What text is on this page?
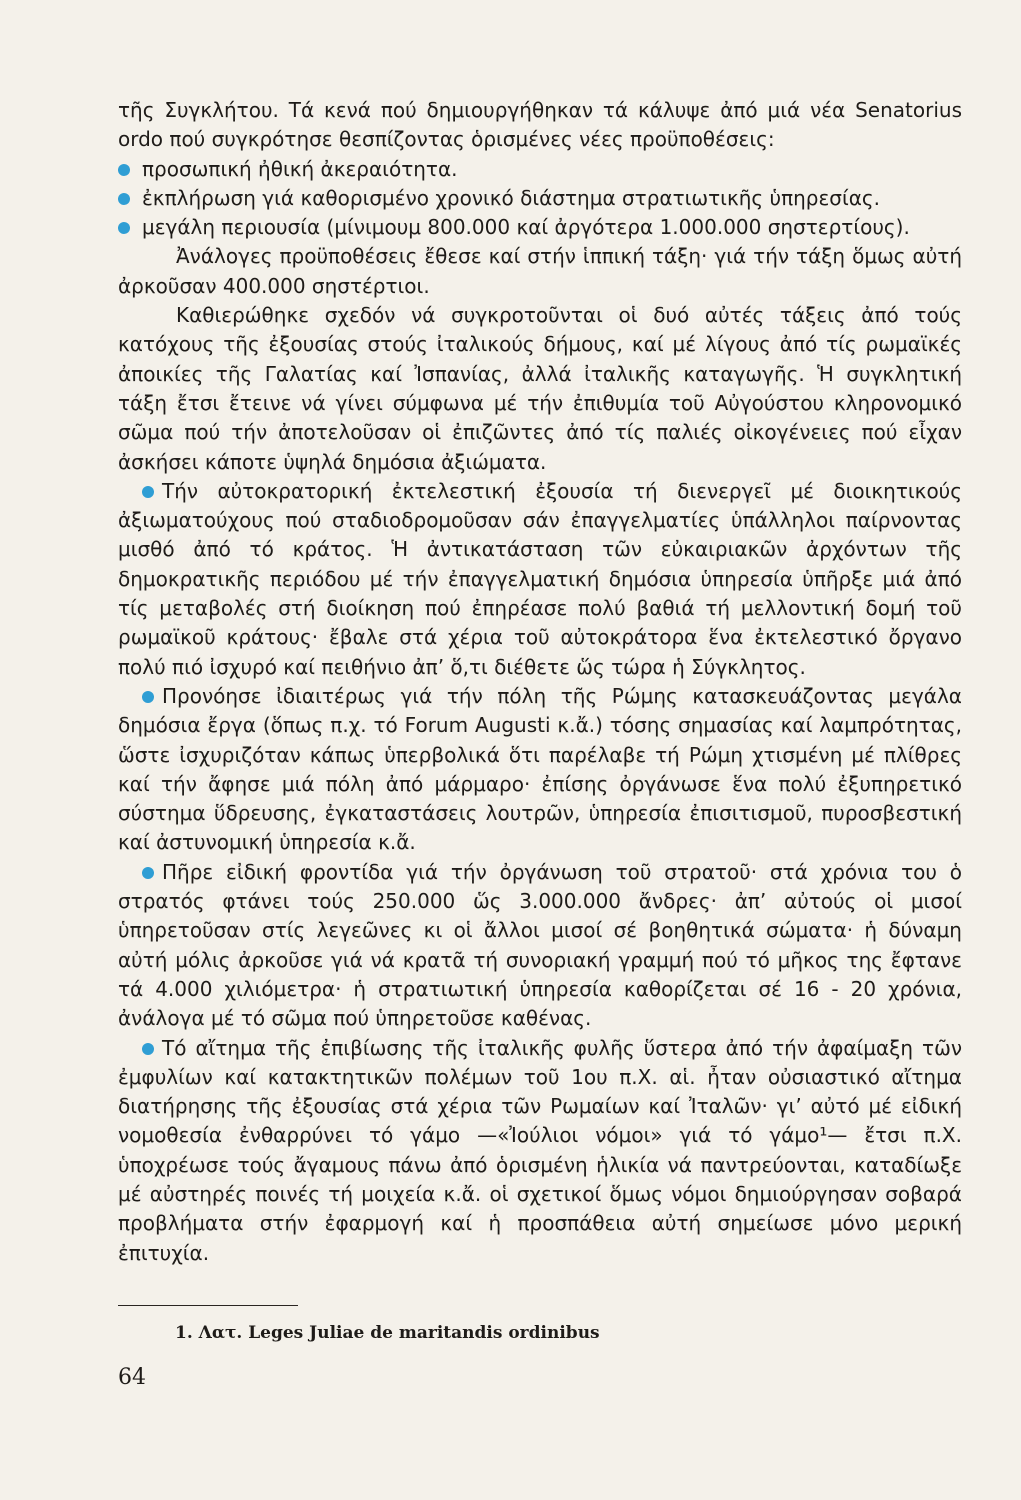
τῆς Συγκλήτου. Τά κενά πού δημιουργήθηκαν τά κάλυψε ἀπό μιά νέα Senatorius ordo πού συγκρότησε θεσπίζοντας ὁρισμένες νέες προϋποθέσεις:

προσωπική ἠθική ἀκεραιότητα.
ἐκπλήρωση γιά καθορισμένο χρονικό διάστημα στρατιωτικῆς ὑπηρεσίας.
μεγάλη περιουσία (μίνιμουμ 800.000 καί ἀργότερα 1.000.000 σηστερτίους).

Ἀνάλογες προϋποθέσεις ἔθεσε καί στήν ἱππική τάξη· γιά τήν τάξη ὅμως αὐτή ἀρκοῦσαν 400.000 σηστέρτιοι.

Καθιερώθηκε σχεδόν νά συγκροτοῦνται οἱ δυό αὐτές τάξεις ἀπό τούς κατόχους τῆς ἐξουσίας στούς ἰταλικούς δήμους, καί μέ λίγους ἀπό τίς ρωμαϊκές ἀποικίες τῆς Γαλατίας καί Ἰσπανίας, ἀλλά ἰταλικῆς καταγωγῆς. Ἡ συγκλητική τάξη ἔτσι ἔτεινε νά γίνει σύμφωνα μέ τήν ἐπιθυμία τοῦ Αὐγούστου κληρονομικό σῶμα πού τήν ἀποτελοῦσαν οἱ ἐπιζῶντες ἀπό τίς παλιές οἰκογένειες πού εἶχαν ἀσκήσει κάποτε ὑψηλά δημόσια ἀξιώματα.

Τήν αὐτοκρατορική ἐκτελεστική ἐξουσία τή διενεργεῖ μέ διοικητικούς ἀξιωματούχους πού σταδιοδρομοῦσαν σάν ἐπαγγελματίες ὑπάλληλοι παίρνοντας μισθό ἀπό τό κράτος. Ἡ ἀντικατάσταση τῶν εὐκαιριακῶν ἀρχόντων τῆς δημοκρατικῆς περιόδου μέ τήν ἐπαγγελματική δημόσια ὑπηρεσία ὑπῆρξε μιά ἀπό τίς μεταβολές στή διοίκηση πού ἐπηρέασε πολύ βαθιά τή μελλοντική δομή τοῦ ρωμαϊκοῦ κράτους· ἔβαλε στά χέρια τοῦ αὐτοκράτορα ἕνα ἐκτελεστικό ὄργανο πολύ πιό ἰσχυρό καί πειθήνιο ἀπ’ ὅ,τι διέθετε ὥς τώρα ἡ Σύγκλητος.

Προνόησε ἰδιαιτέρως γιά τήν πόλη τῆς Ρώμης κατασκευάζοντας μεγάλα δημόσια ἔργα (ὅπως π.χ. τό Forum Augusti κ.ἄ.) τόσης σημασίας καί λαμπρότητας, ὥστε ἰσχυριζόταν κάπως ὑπερβολικά ὅτι παρέλαβε τή Ρώμη χτισμένη μέ πλίθρες καί τήν ἄφησε μιά πόλη ἀπό μάρμαρο· ἐπίσης ὀργάνωσε ἕνα πολύ ἐξυπηρετικό σύστημα ὕδρευσης, ἐγκαταστάσεις λουτρῶν, ὑπηρεσία ἐπισιτισμοῦ, πυροσβεστική καί ἀστυνομική ὑπηρεσία κ.ἄ.

Πῆρε εἰδική φροντίδα γιά τήν ὀργάνωση τοῦ στρατοῦ· στά χρόνια του ὁ στρατός φτάνει τούς 250.000 ὥς 3.000.000 ἄνδρες· ἀπ’ αὐτούς οἱ μισοί ὑπηρετοῦσαν στίς λεγεῶνες κι οἱ ἄλλοι μισοί σέ βοηθητικά σώματα· ἡ δύναμη αὐτή μόλις ἀρκοῦσε γιά νά κρατᾶ τή συνοριακή γραμμή πού τό μῆκος της ἔφτανε τά 4.000 χιλιόμετρα· ἡ στρατιωτική ὑπηρεσία καθορίζεται σέ 16 - 20 χρόνια, ἀνάλογα μέ τό σῶμα πού ὑπηρετοῦσε καθένας.

Τό αἴτημα τῆς ἐπιβίωσης τῆς ἰταλικῆς φυλῆς ὕστερα ἀπό τήν ἀφαίμαξη τῶν ἐμφυλίων καί κατακτητικῶν πολέμων τοῦ 1ου π.Χ. αἱ. ἦταν οὐσιαστικό αἴτημα διατήρησης τῆς ἐξουσίας στά χέρια τῶν Ρωμαίων καί Ἰταλῶν· γι’ αὐτό μέ εἰδική νομοθεσία ἐνθαρρύνει τό γάμο —«Ἰούλιοι νόμοι» γιά τό γάμο¹— ἔτσι π.Χ. ὑποχρέωσε τούς ἄγαμους πάνω ἀπό ὁρισμένη ἡλικία νά παντρεύονται, καταδίωξε μέ αὐστηρές ποινές τή μοιχεία κ.ἄ. οἱ σχετικοί ὅμως νόμοι δημιούργησαν σοβαρά προβλήματα στήν ἐφαρμογή καί ἡ προσπάθεια αὐτή σημείωσε μόνο μερική ἐπιτυχία.

1. Λατ. Leges Juliae de maritandis ordinibus
64
